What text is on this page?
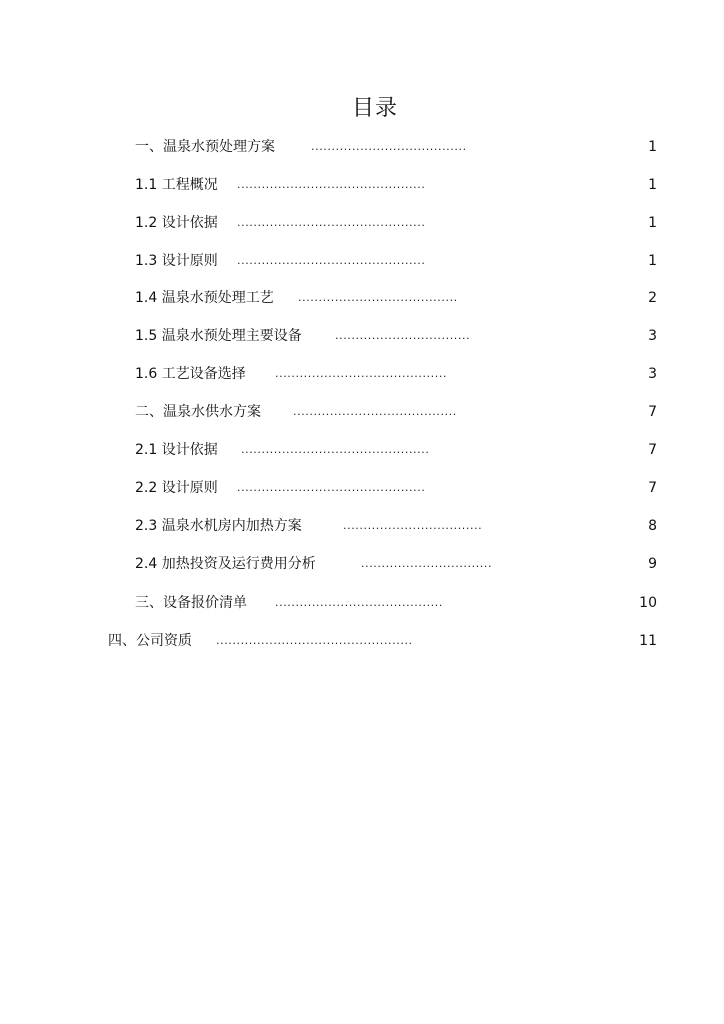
目录
一、温泉水预处理方案	......................................	1
1.1 工程概况 ..............................................	1
1.2 设计依据 ..............................................	1
1.3 设计原则 ..............................................	1
1.4 温泉水预处理工艺 .......................................	2
1.5 温泉水预处理主要设备	.................................	3
1.6 工艺设备选择	..........................................	3
二、温泉水供水方案	........................................	7
2.1 设计依据 ..............................................	7
2.2 设计原则 ..............................................	7
2.3 温泉水机房内加热方案	..................................	8
2.4 加热投资及运行费用分析	................................	9
三、设备报价清单	.........................................	10
四、公司资质 ................................................	11
